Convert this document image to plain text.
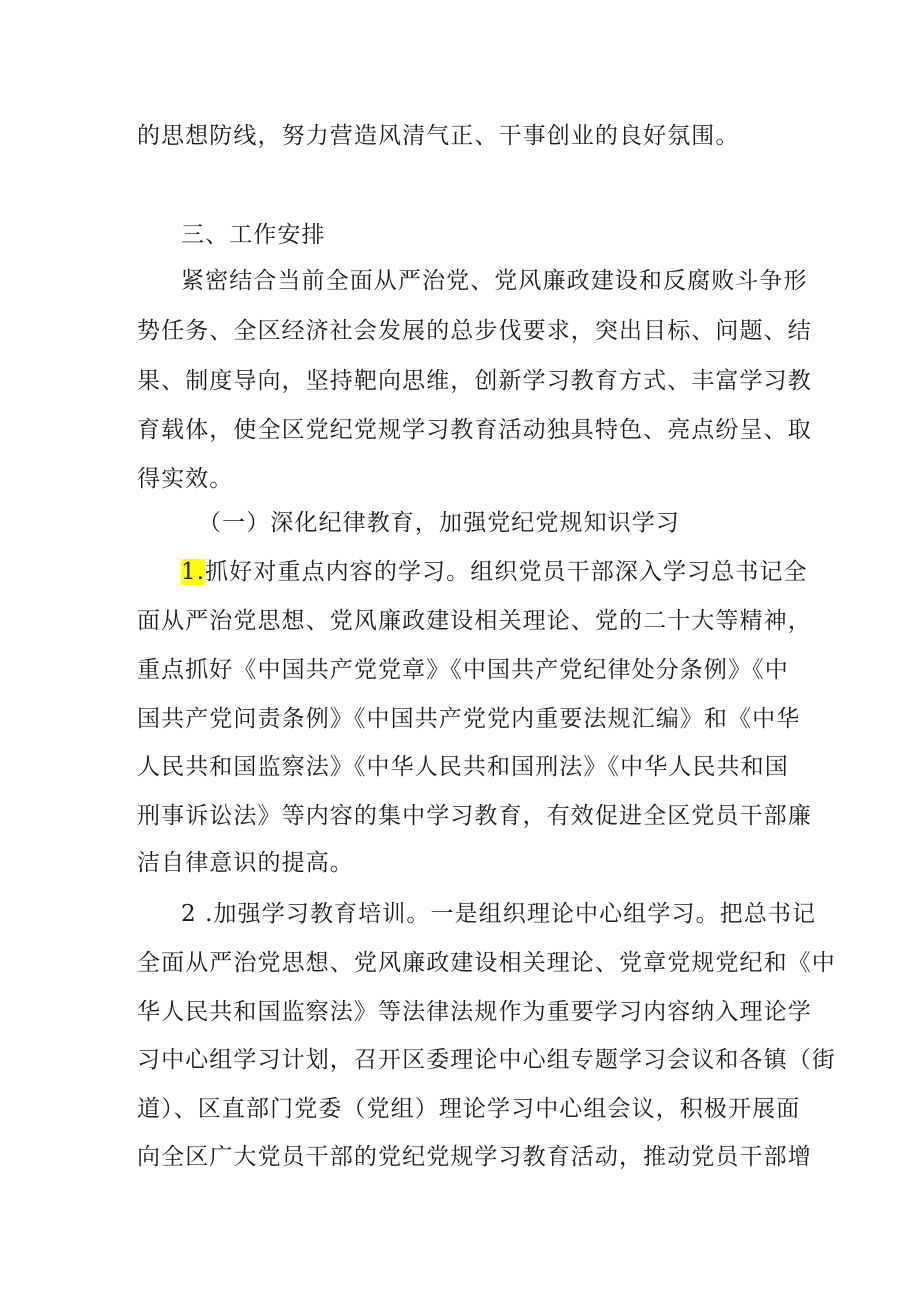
的思想防线，努力营造风清气正、干事创业的良好氛围。
三、工作安排
紧密结合当前全面从严治党、党风廉政建设和反腐败斗争形
势任务、全区经济社会发展的总步伐要求，突出目标、问题、结
果、制度导向，坚持靶向思维，创新学习教育方式、丰富学习教
育载体，使全区党纪党规学习教育活动独具特色、亮点纷呈、取
得实效。
（一）深化纪律教育，加强党纪党规知识学习
1.抓好对重点内容的学习。组织党员干部深入学习总书记全
面从严治党思想、党风廉政建设相关理论、党的二十大等精神，
重点抓好《中国共产党党章》《中国共产党纪律处分条例》《中
国共产党问责条例》《中国共产党党内重要法规汇编》和《中华
人民共和国监察法》《中华人民共和国刑法》《中华人民共和国
刑事诉讼法》等内容的集中学习教育，有效促进全区党员干部廉
洁自律意识的提高。
2 .加强学习教育培训。一是组织理论中心组学习。把总书记
全面从严治党思想、党风廉政建设相关理论、党章党规党纪和《中
华人民共和国监察法》等法律法规作为重要学习内容纳入理论学
习中心组学习计划，召开区委理论中心组专题学习会议和各镇（街
道）、区直部门党委（党组）理论学习中心组会议，积极开展面
向全区广大党员干部的党纪党规学习教育活动，推动党员干部增
